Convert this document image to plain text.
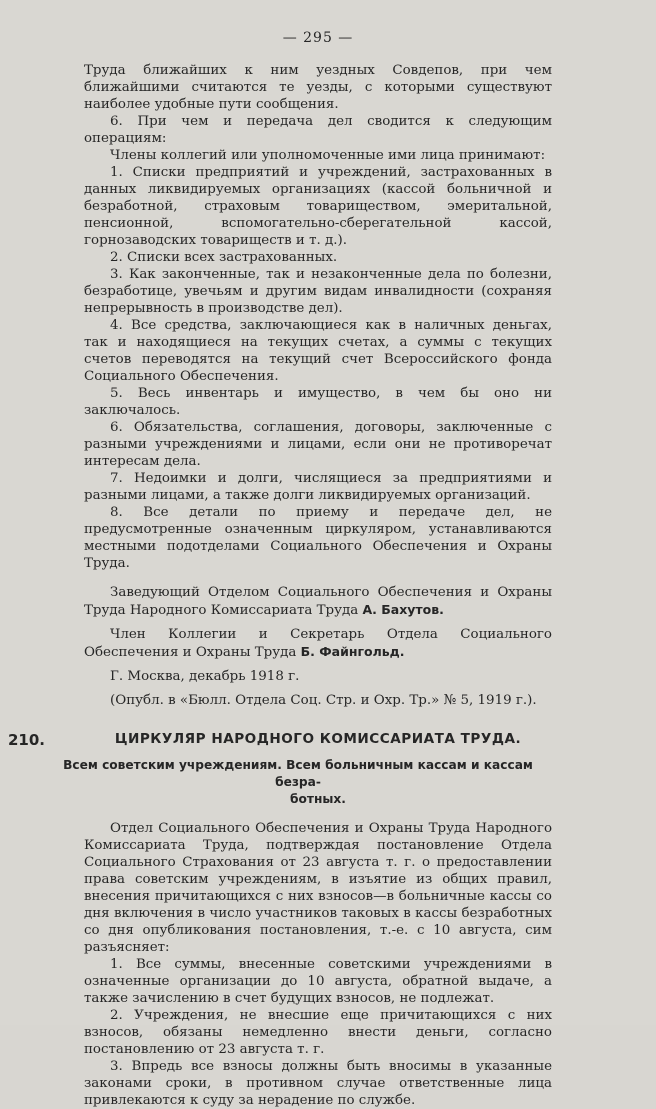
— 295 —

Труда ближайших к ним уездных Совдепов, при чем ближайшими считаются те уезды, с которыми существуют наиболее удобные пути сообщения.

6. При чем и передача дел сводится к следующим операциям:

Члены коллегий или уполномоченные ими лица принимают:

1. Списки предприятий и учреждений, застрахованных в данных ликвидируемых организациях (кассой больничной и безработной, страховым товариществом, эмеритальной, пенсионной, вспомогательно-сберегательной кассой, горнозаводских товариществ и т. д.).

2. Списки всех застрахованных.

3. Как законченные, так и незаконченные дела по болезни, безработице, увечьям и другим видам инвалидности (сохраняя непрерывность в производстве дел).

4. Все средства, заключающиеся как в наличных деньгах, так и находящиеся на текущих счетах, а суммы с текущих счетов переводятся на текущий счет Всероссийского фонда Социального Обеспечения.

5. Весь инвентарь и имущество, в чем бы оно ни заключалось.

6. Обязательства, соглашения, договоры, заключенные с разными учреждениями и лицами, если они не противоречат интересам дела.

7. Недоимки и долги, числящиеся за предприятиями и разными лицами, а также долги ликвидируемых организаций.

8. Все детали по приему и передаче дел, не предусмотренные означенным циркуляром, устанавливаются местными подотделами Социального Обеспечения и Охраны Труда.

Заведующий Отделом Социального Обеспечения и Охраны Труда Народного Комиссариата Труда А. Бахутов.

Член Коллегии и Секретарь Отдела Социального Обеспечения и Охраны Труда Б. Файнгольд.

Г. Москва, декабрь 1918 г.

(Опубл. в «Бюлл. Отдела Соц. Стр. и Охр. Тр.» № 5, 1919 г.).

210.	ЦИРКУЛЯР НАРОДНОГО КОМИССАРИАТА ТРУДА.
Всем советским учреждениям. Всем больничным кассам и кассам безра-
ботных.

Отдел Социального Обеспечения и Охраны Труда Народного Комиссариата Труда, подтверждая постановление Отдела Социального Страхования от 23 августа т. г. о предоставлении права советским учреждениям, в изъятие из общих правил, внесения причитающихся с них взносов—в больничные кассы со дня включения в число участников таковых в кассы безработных со дня опубликования постановления, т.-е. с 10 августа, сим разъясняет:

1. Все суммы, внесенные советскими учреждениями в означенные организации до 10 августа, обратной выдаче, а также зачислению в счет будущих взносов, не подлежат.

2. Учреждения, не внесшие еще причитающихся с них взносов, обязаны немедленно внести деньги, согласно постановлению от 23 августа т. г.

3. Впредь все взносы должны быть вносимы в указанные законами сроки, в противном случае ответственные лица привлекаются к суду за нерадение по службе.
